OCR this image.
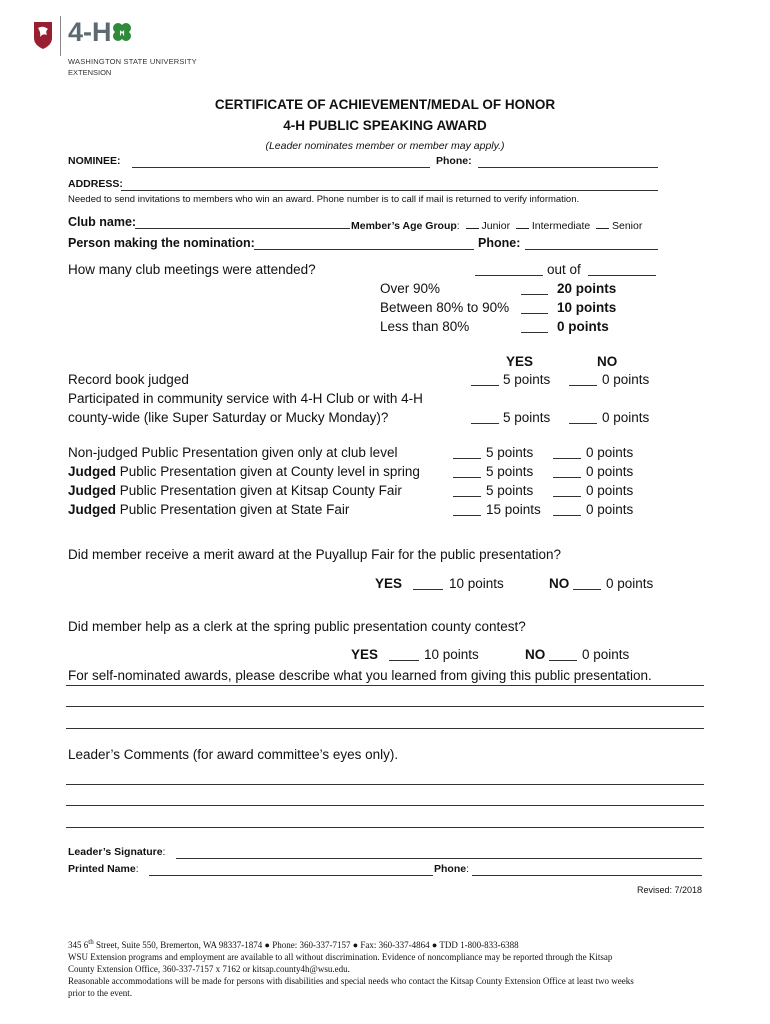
4-H H
WASHINGTON STATE UNIVERSITY
EXTENSION
CERTIFICATE OF ACHIEVEMENT/MEDAL OF HONOR
4-H PUBLIC SPEAKING AWARD
(Leader nominates member or member may apply.)
NOMINEE:	Phone:
ADDRESS:
Needed to send invitations to members who win an award. Phone number is to call if mail is returned to verify information.
Club name:	Member’s Age Group: Junior Intermediate Senior
Person making the nomination:	Phone:
How many club meetings were attended?	out of
Over 90%	20 points
Between 80% to 90%	10 points
Less than 80%	0 points
YES	NO
Record book judged	5 points	0 points
Participated in community service with 4-H Club or with 4-H
county-wide (like Super Saturday or Mucky Monday)?	5 points	0 points
Non-judged Public Presentation given only at club level	5 points	0 points
Judged Public Presentation given at County level in spring	5 points	0 points
Judged Public Presentation given at Kitsap County Fair	5 points	0 points
Judged Public Presentation given at State Fair	15 points	0 points
Did member receive a merit award at the Puyallup Fair for the public presentation?
YES	10 points	NO	0 points
Did member help as a clerk at the spring public presentation county contest?
YES	10 points	NO	0 points
For self-nominated awards, please describe what you learned from giving this public presentation.
Leader’s Comments (for award committee’s eyes only).
Leader’s Signature:
Printed Name:	Phone:
Revised: 7/2018
345 6th Street, Suite 550, Bremerton, WA 98337-1874 ● Phone: 360-337-7157 ● Fax: 360-337-4864 ● TDD 1-800-833-6388
WSU Extension programs and employment are available to all without discrimination. Evidence of noncompliance may be reported through the Kitsap
County Extension Office, 360-337-7157 x 7162 or kitsap.county4h@wsu.edu.
Reasonable accommodations will be made for persons with disabilities and special needs who contact the Kitsap County Extension Office at least two weeks
prior to the event.
